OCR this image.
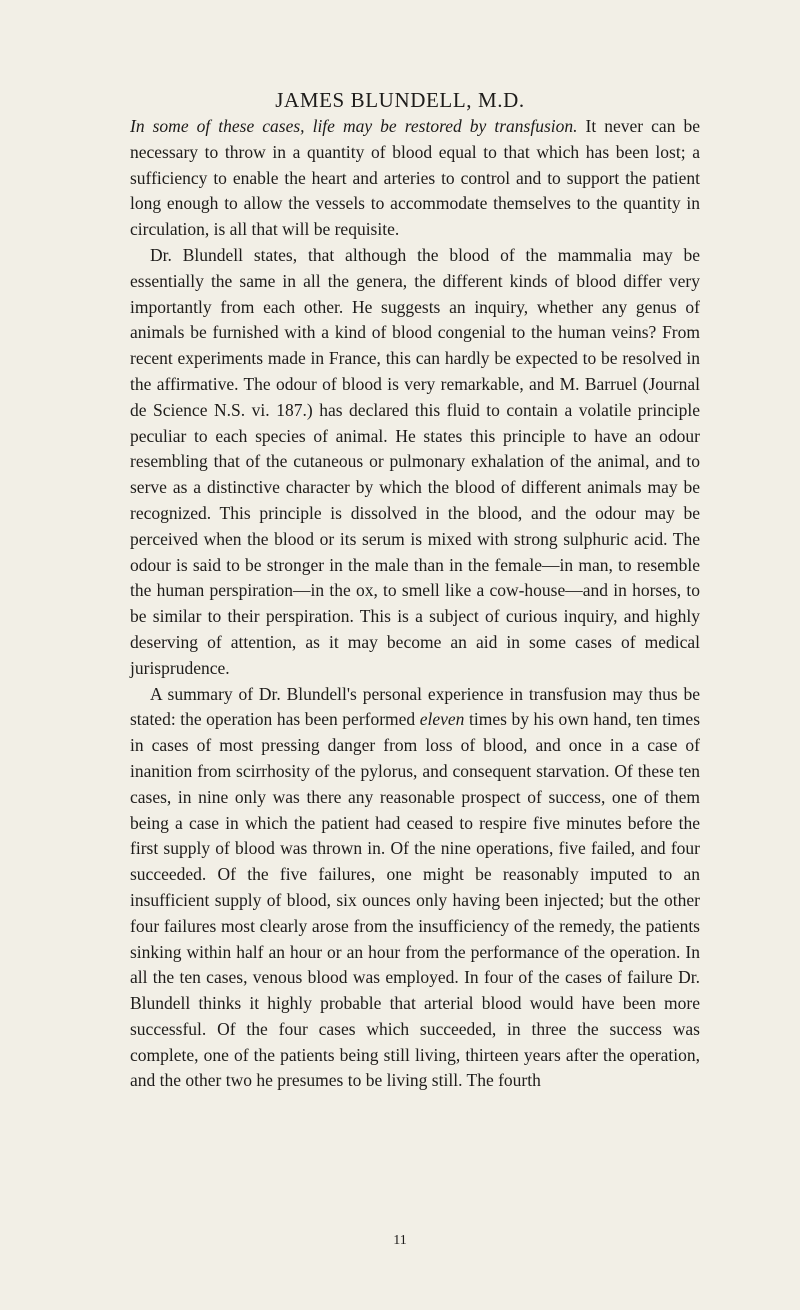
JAMES BLUNDELL, M.D.

In some of these cases, life may be restored by transfusion. It never can be necessary to throw in a quantity of blood equal to that which has been lost; a sufficiency to enable the heart and arteries to control and to support the patient long enough to allow the vessels to accommodate themselves to the quantity in circulation, is all that will be requisite.

Dr. Blundell states, that although the blood of the mammalia may be essentially the same in all the genera, the different kinds of blood differ very importantly from each other. He suggests an inquiry, whether any genus of animals be furnished with a kind of blood congenial to the human veins? From recent experiments made in France, this can hardly be expected to be resolved in the affirmative. The odour of blood is very remarkable, and M. Barruel (Journal de Science N.S. vi. 187.) has declared this fluid to contain a volatile principle peculiar to each species of animal. He states this principle to have an odour resembling that of the cutaneous or pulmonary exhalation of the animal, and to serve as a distinctive character by which the blood of different animals may be recognized. This principle is dissolved in the blood, and the odour may be perceived when the blood or its serum is mixed with strong sulphuric acid. The odour is said to be stronger in the male than in the female—in man, to resemble the human perspiration—in the ox, to smell like a cow-house—and in horses, to be similar to their perspiration. This is a subject of curious inquiry, and highly deserving of attention, as it may become an aid in some cases of medical jurisprudence.

A summary of Dr. Blundell's personal experience in transfusion may thus be stated: the operation has been performed eleven times by his own hand, ten times in cases of most pressing danger from loss of blood, and once in a case of inanition from scirrhosity of the pylorus, and consequent starvation. Of these ten cases, in nine only was there any reasonable prospect of success, one of them being a case in which the patient had ceased to respire five minutes before the first supply of blood was thrown in. Of the nine operations, five failed, and four succeeded. Of the five failures, one might be reasonably imputed to an insufficient supply of blood, six ounces only having been injected; but the other four failures most clearly arose from the insufficiency of the remedy, the patients sinking within half an hour or an hour from the performance of the operation. In all the ten cases, venous blood was employed. In four of the cases of failure Dr. Blundell thinks it highly probable that arterial blood would have been more successful. Of the four cases which succeeded, in three the success was complete, one of the patients being still living, thirteen years after the operation, and the other two he presumes to be living still. The fourth

11
